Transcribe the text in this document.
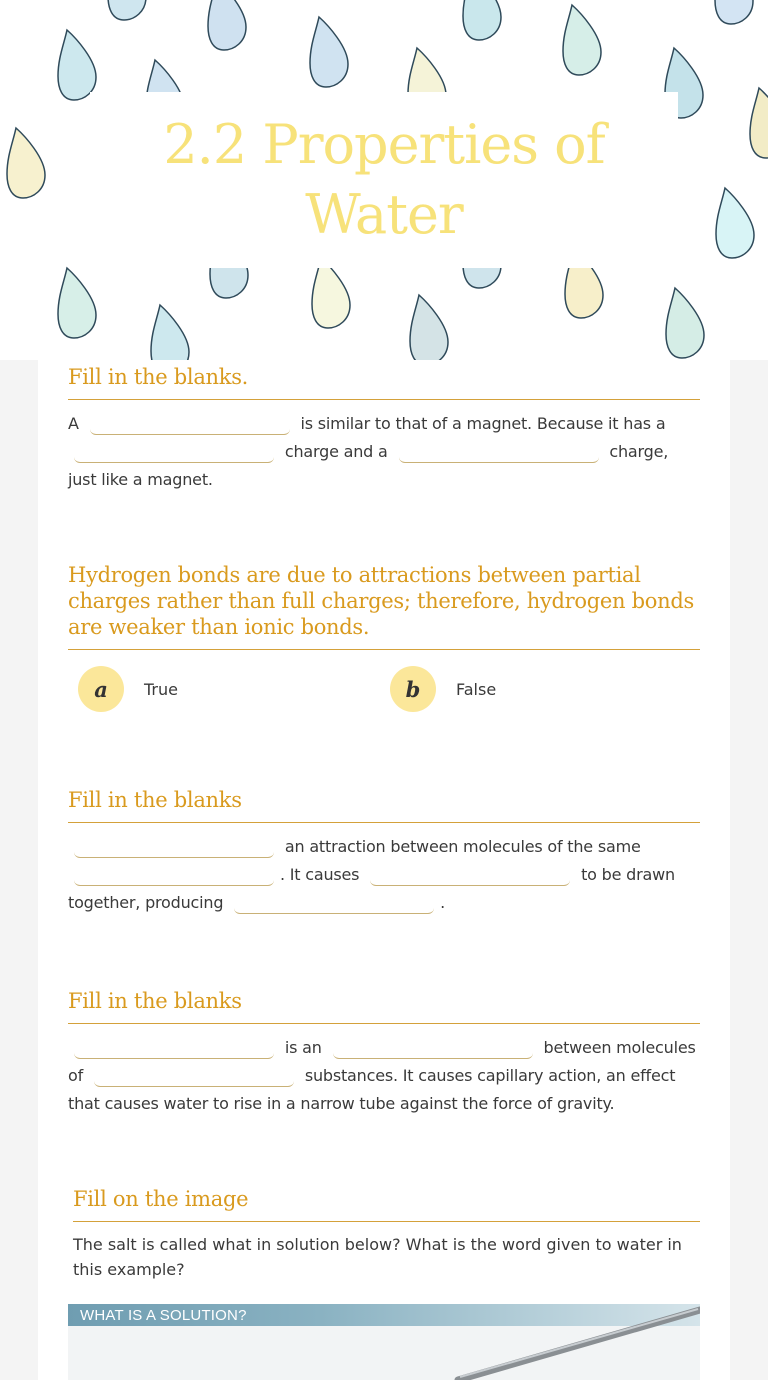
2.2 Properties of Water
Fill in the blanks.
A	is similar to that of a magnet. Because it has a  charge and a	charge, just like a magnet.
Hydrogen bonds are due to attractions between partial charges rather than full charges; therefore, hydrogen bonds are weaker than ionic bonds.
a	True	b	False
Fill in the blanks
an attraction between molecules of the same . It causes	to be drawn together, producing	.
Fill in the blanks
is an	between molecules of	substances. It causes capillary action, an effect that causes water to rise in a narrow tube against the force of gravity.
Fill on the image

The salt is called what in solution below? What is the word given to water in this example?

WHAT IS A SOLUTION?
